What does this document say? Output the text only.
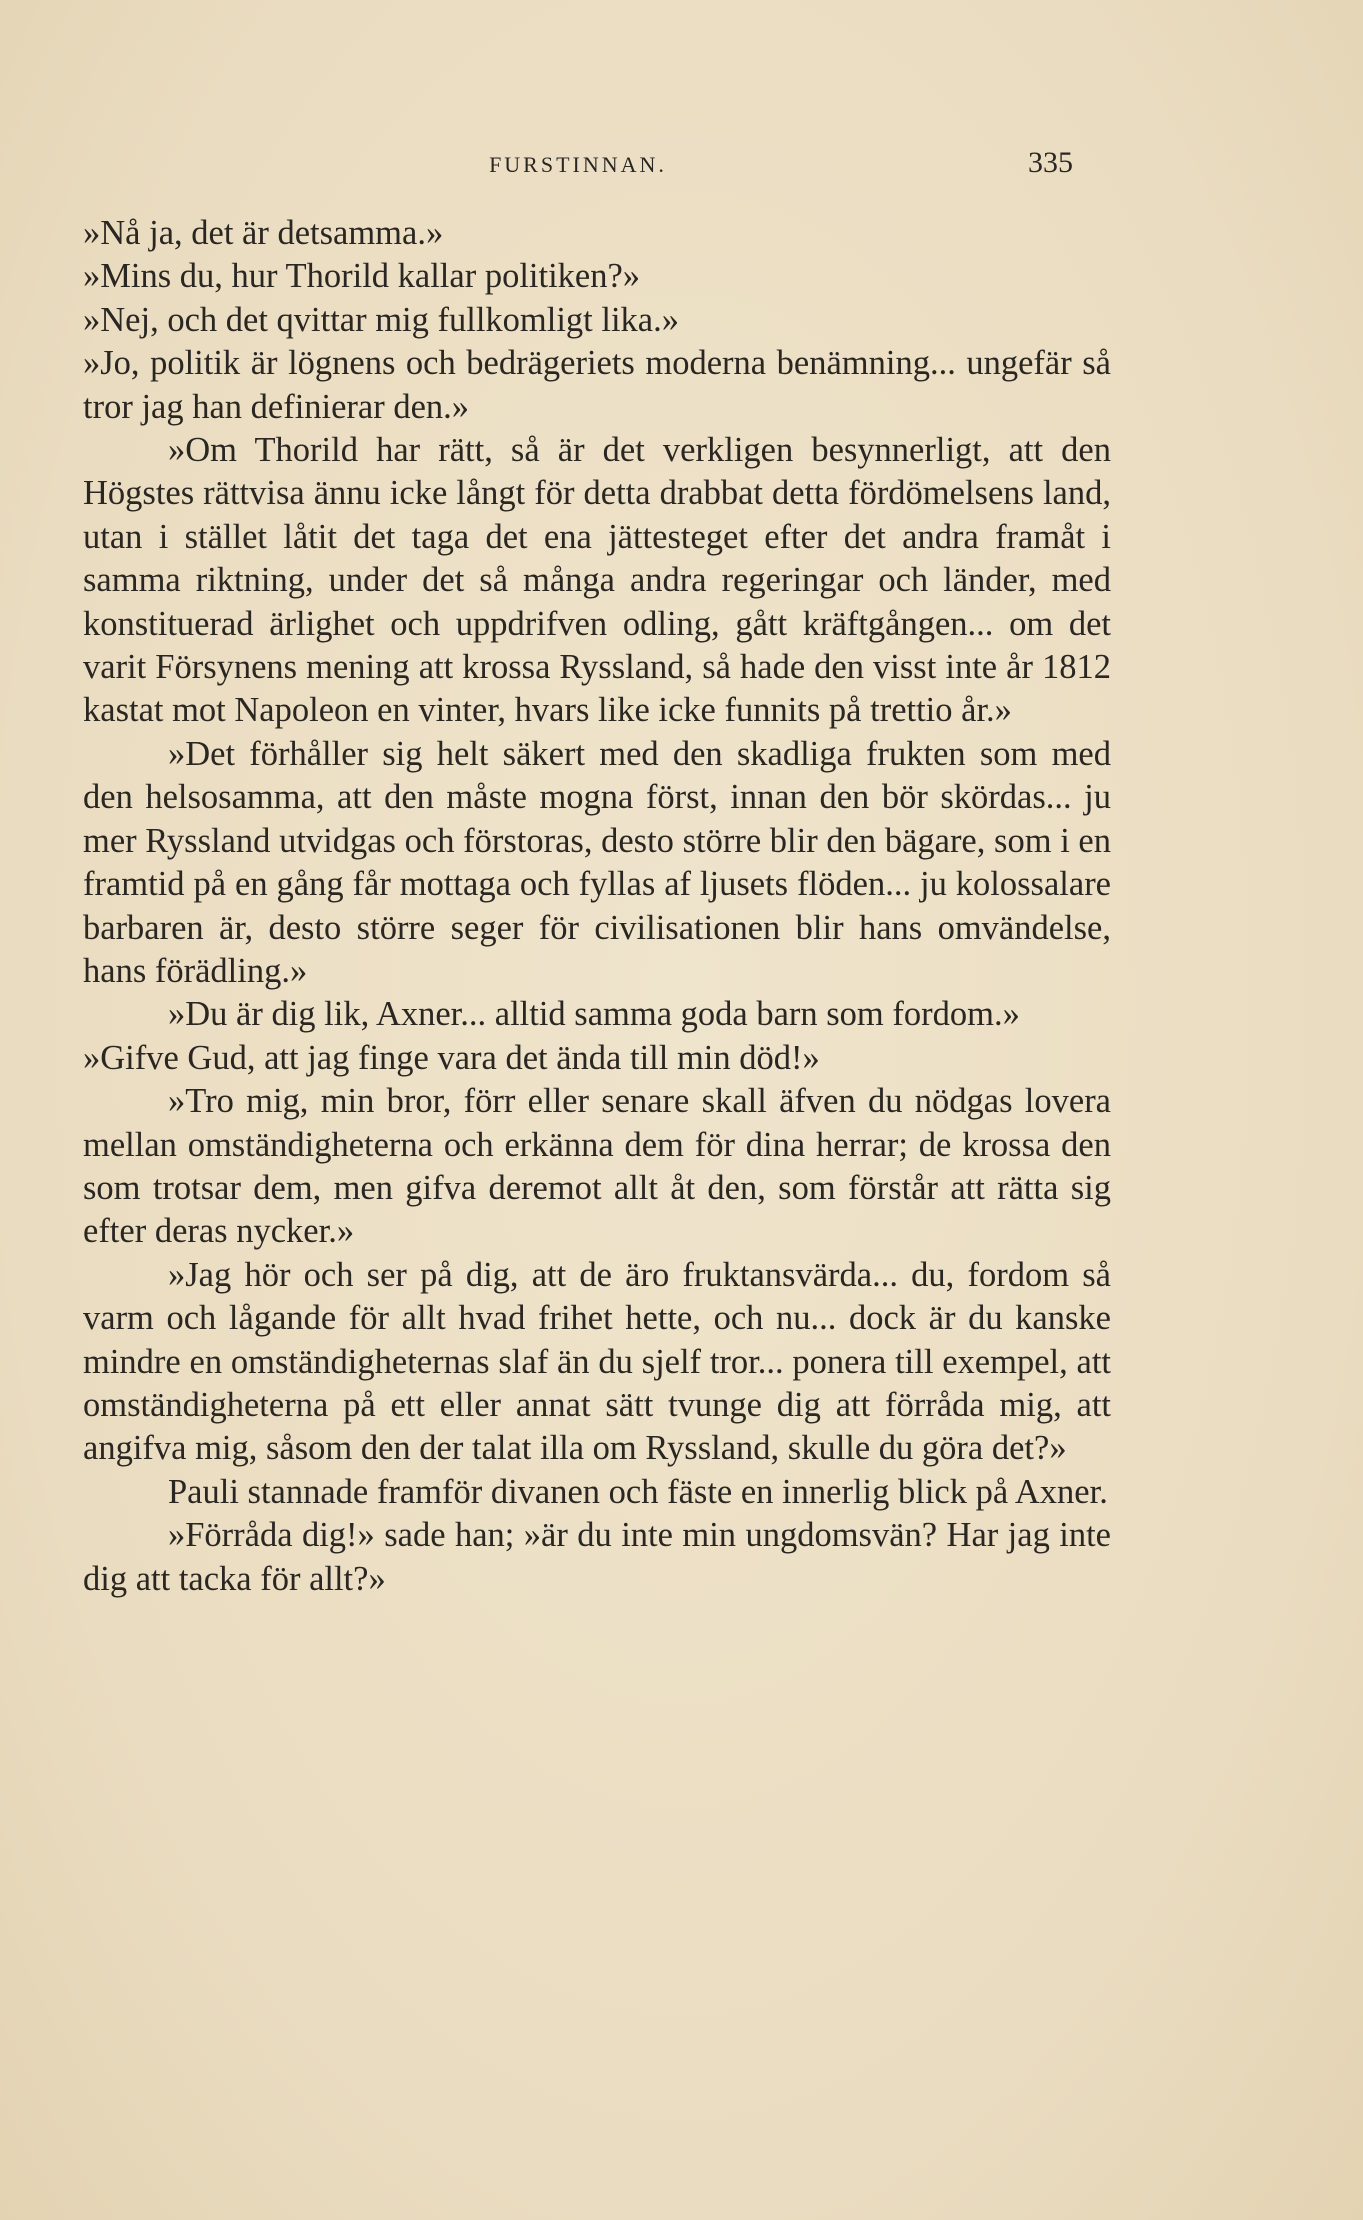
FURSTINNAN.	335

»Nå ja, det är detsamma.»

»Mins du, hur Thorild kallar politiken?»

»Nej, och det qvittar mig fullkomligt lika.»

»Jo, politik är lögnens och bedrägeriets moderna benämning... ungefär så tror jag han definierar den.»

»Om Thorild har rätt, så är det verkligen besynnerligt, att den Högstes rättvisa ännu icke långt för detta drabbat detta fördömelsens land, utan i stället låtit det taga det ena jättesteget efter det andra framåt i samma riktning, under det så många andra regeringar och länder, med konstituerad ärlighet och uppdrifven odling, gått kräftgången... om det varit Försynens mening att krossa Ryssland, så hade den visst inte år 1812 kastat mot Napoleon en vinter, hvars like icke funnits på trettio år.»

»Det förhåller sig helt säkert med den skadliga frukten som med den helsosamma, att den måste mogna först, innan den bör skördas... ju mer Ryssland utvidgas och förstoras, desto större blir den bägare, som i en framtid på en gång får mottaga och fyllas af ljusets flöden... ju kolossalare barbaren är, desto större seger för civilisationen blir hans omvändelse, hans förädling.»

»Du är dig lik, Axner... alltid samma goda barn som fordom.»

»Gifve Gud, att jag finge vara det ända till min död!»

»Tro mig, min bror, förr eller senare skall äfven du nödgas lovera mellan omständigheterna och erkänna dem för dina herrar; de krossa den som trotsar dem, men gifva deremot allt åt den, som förstår att rätta sig efter deras nycker.»

»Jag hör och ser på dig, att de äro fruktansvärda... du, fordom så varm och lågande för allt hvad frihet hette, och nu... dock är du kanske mindre en omständigheternas slaf än du sjelf tror... ponera till exempel, att omständigheterna på ett eller annat sätt tvunge dig att förråda mig, att angifva mig, såsom den der talat illa om Ryssland, skulle du göra det?»

Pauli stannade framför divanen och fäste en innerlig blick på Axner.

»Förråda dig!» sade han; »är du inte min ungdomsvän? Har jag inte dig att tacka för allt?»
